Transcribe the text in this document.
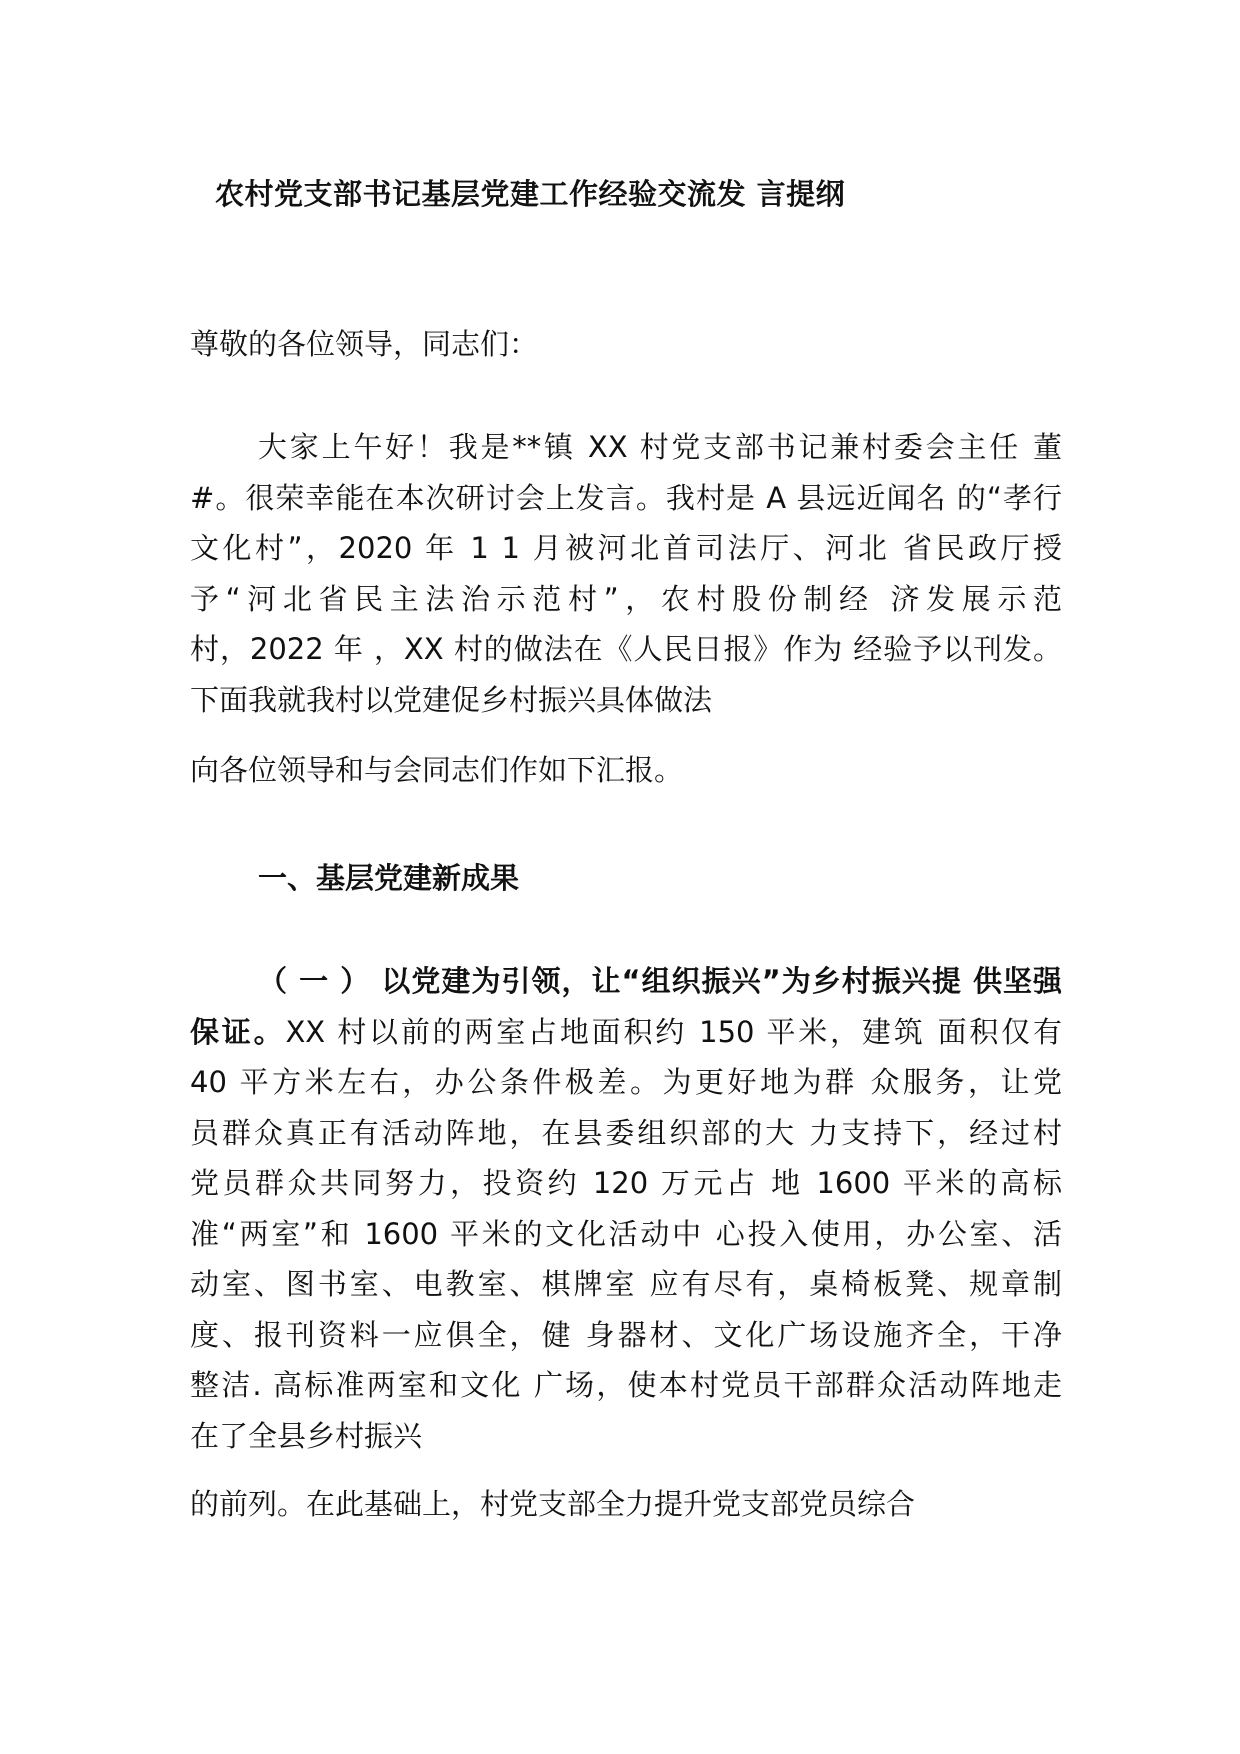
农村党支部书记基层党建工作经验交流发 言提纲
尊敬的各位领导，同志们：
大家上午好！我是**镇 XX 村党支部书记兼村委会主任 董
#。很荣幸能在本次研讨会上发言。我村是 A 县远近闻名 的“孝行
文化村”，2020 年 1 1 月被河北首司法厅、河北 省民政厅授
予“河北省民主法治示范村”，农村股份制经 济发展示范
村，2022 年 ，XX 村的做法在《人民日报》作为 经验予以刊发。
下面我就我村以党建促乡村振兴具体做法
向各位领导和与会同志们作如下汇报。
一、基层党建新成果
（ 一 ） 以党建为引领，让“组织振兴”为乡村振兴提 供坚强
保证。XX 村以前的两室占地面积约 150 平米，建筑 面积仅有
40 平方米左右，办公条件极差。为更好地为群 众服务，让党
员群众真正有活动阵地，在县委组织部的大 力支持下，经过村
党员群众共同努力，投资约 120 万元占 地 1600 平米的高标
准“两室”和 1600 平米的文化活动中 心投入使用，办公室、活
动室、图书室、电教室、棋牌室 应有尽有，桌椅板凳、规章制
度、报刊资料一应俱全，健 身器材、文化广场设施齐全，干净
整洁. 高标准两室和文化 广场，使本村党员干部群众活动阵地走
在了全县乡村振兴
的前列。在此基础上，村党支部全力提升党支部党员综合
